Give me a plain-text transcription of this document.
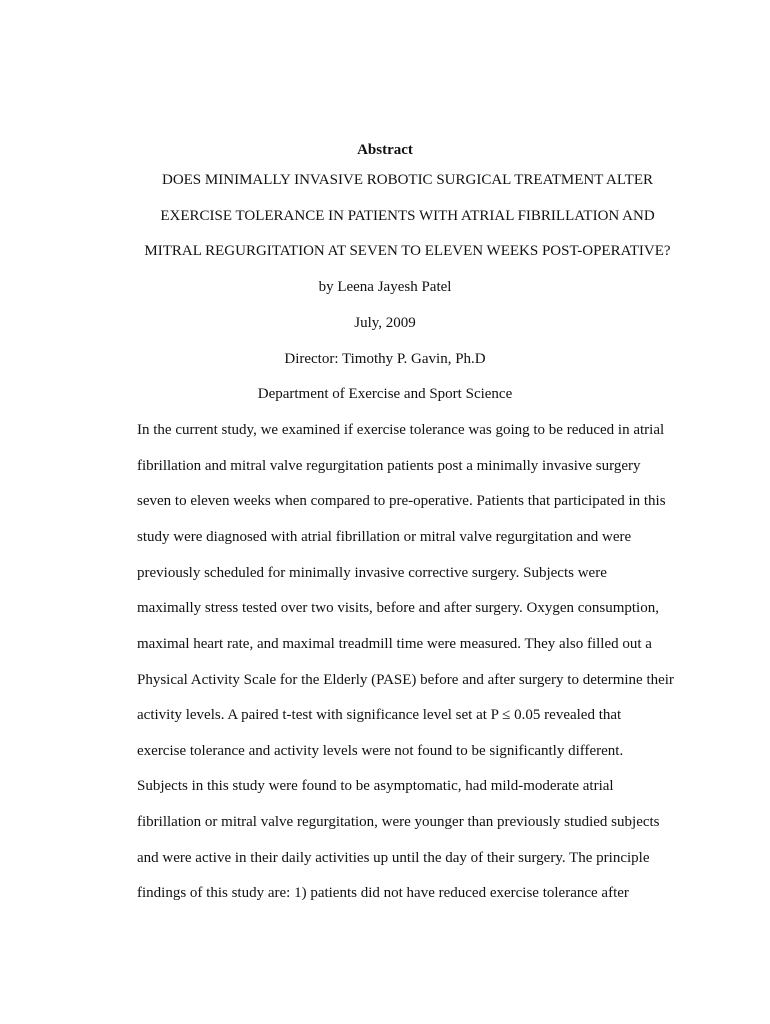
Abstract
DOES MINIMALLY INVASIVE ROBOTIC SURGICAL TREATMENT ALTER
EXERCISE TOLERANCE IN PATIENTS WITH ATRIAL FIBRILLATION AND
MITRAL REGURGITATION AT SEVEN TO ELEVEN WEEKS POST-OPERATIVE?
by Leena Jayesh Patel
July, 2009
Director: Timothy P. Gavin, Ph.D
Department of Exercise and Sport Science
In the current study, we examined if exercise tolerance was going to be reduced in atrial
fibrillation and mitral valve regurgitation patients post a minimally invasive surgery
seven to eleven weeks when compared to pre-operative. Patients that participated in this
study were diagnosed with atrial fibrillation or mitral valve regurgitation and were
previously scheduled for minimally invasive corrective surgery. Subjects were
maximally stress tested over two visits, before and after surgery. Oxygen consumption,
maximal heart rate, and maximal treadmill time were measured. They also filled out a
Physical Activity Scale for the Elderly (PASE) before and after surgery to determine their
activity levels. A paired t-test with significance level set at P ≤ 0.05 revealed that
exercise tolerance and activity levels were not found to be significantly different.
Subjects in this study were found to be asymptomatic, had mild-moderate atrial
fibrillation or mitral valve regurgitation, were younger than previously studied subjects
and were active in their daily activities up until the day of their surgery. The principle
findings of this study are: 1) patients did not have reduced exercise tolerance after
